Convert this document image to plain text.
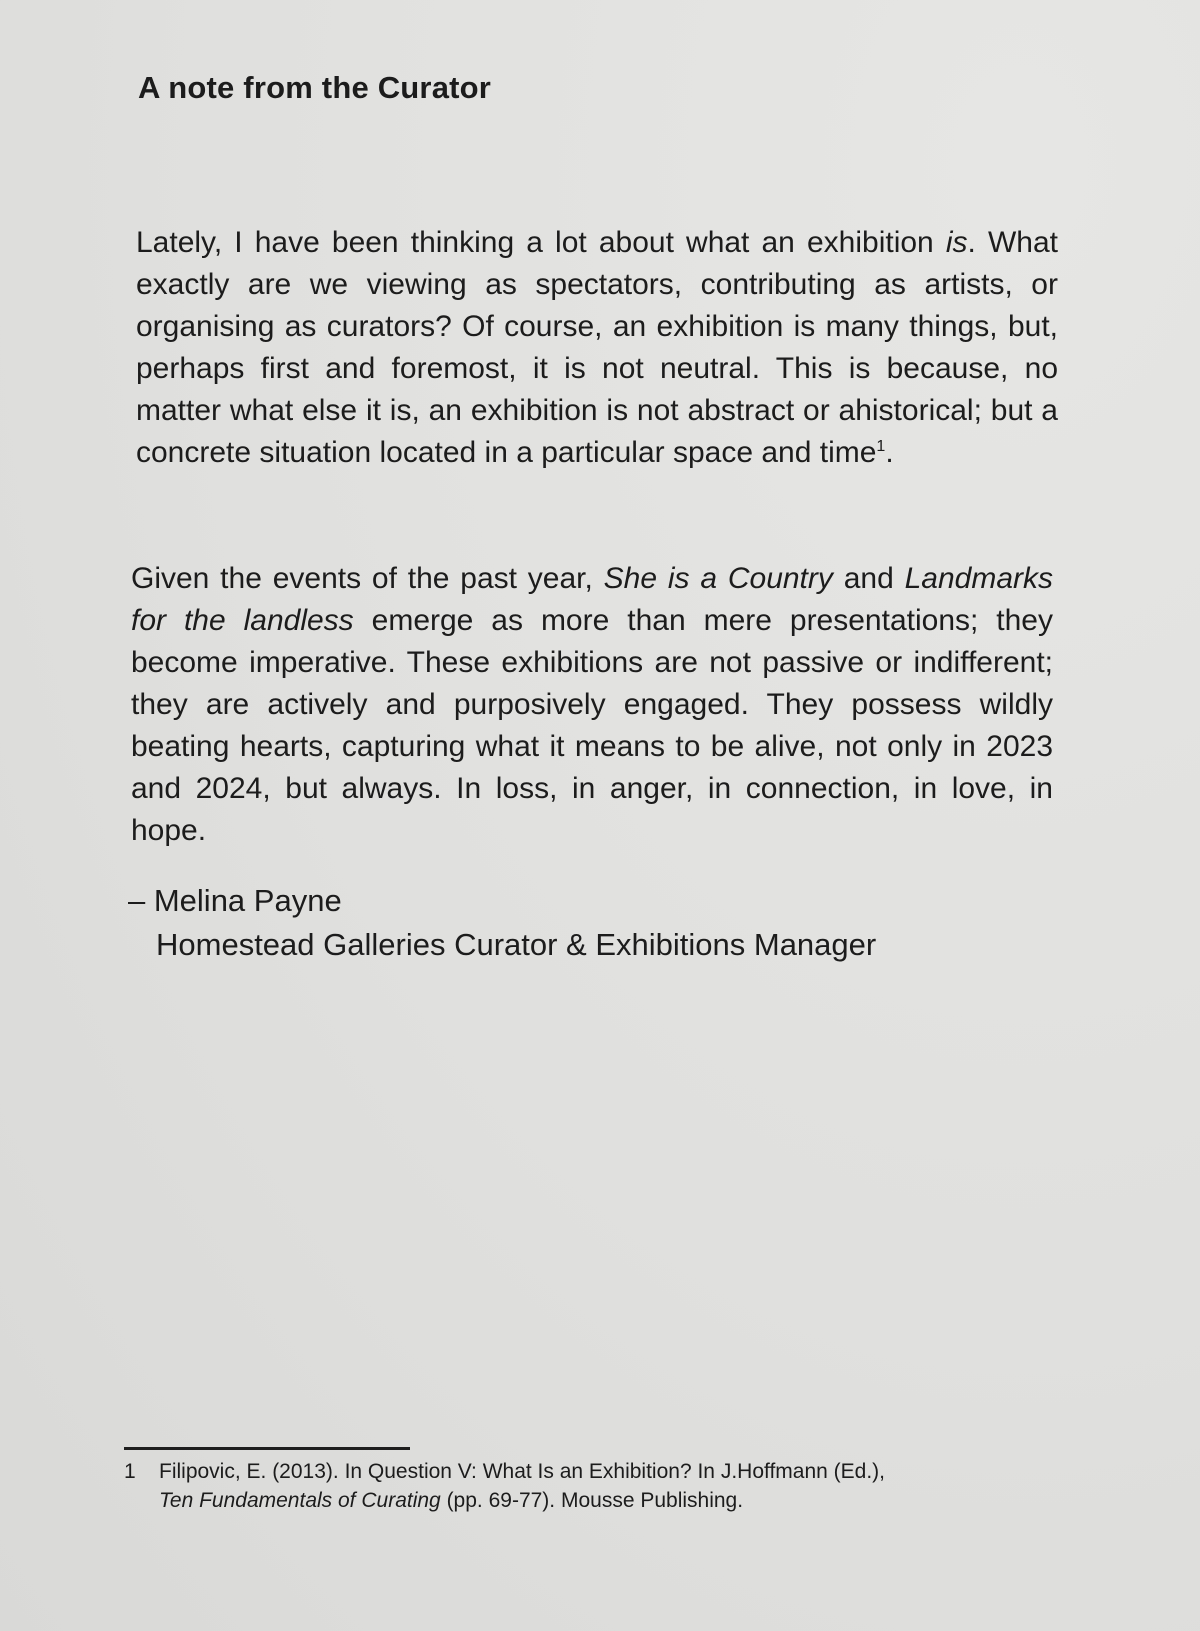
A note from the Curator

Lately, I have been thinking a lot about what an exhibition is. What exactly are we viewing as spectators, contributing as artists, or organising as curators? Of course, an exhibition is many things, but, perhaps first and foremost, it is not neutral. This is because, no matter what else it is, an exhibition is not abstract or ahistorical; but a concrete situation located in a particular space and time$^1$.

Given the events of the past year, She is a Country and Landmarks for the landless emerge as more than mere presentations; they become imperative. These exhibitions are not passive or indifferent; they are actively and purposively engaged. They possess wildly beating hearts, capturing what it means to be alive, not only in 2023 and 2024, but always. In loss, in anger, in connection, in love, in hope.

– Melina Payne

Homestead Galleries Curator & Exhibitions Manager

1 Filipovic, E. (2013). In Question V: What Is an Exhibition? In J.Hoffmann (Ed.),
Ten Fundamentals of Curating (pp. 69-77). Mousse Publishing.
